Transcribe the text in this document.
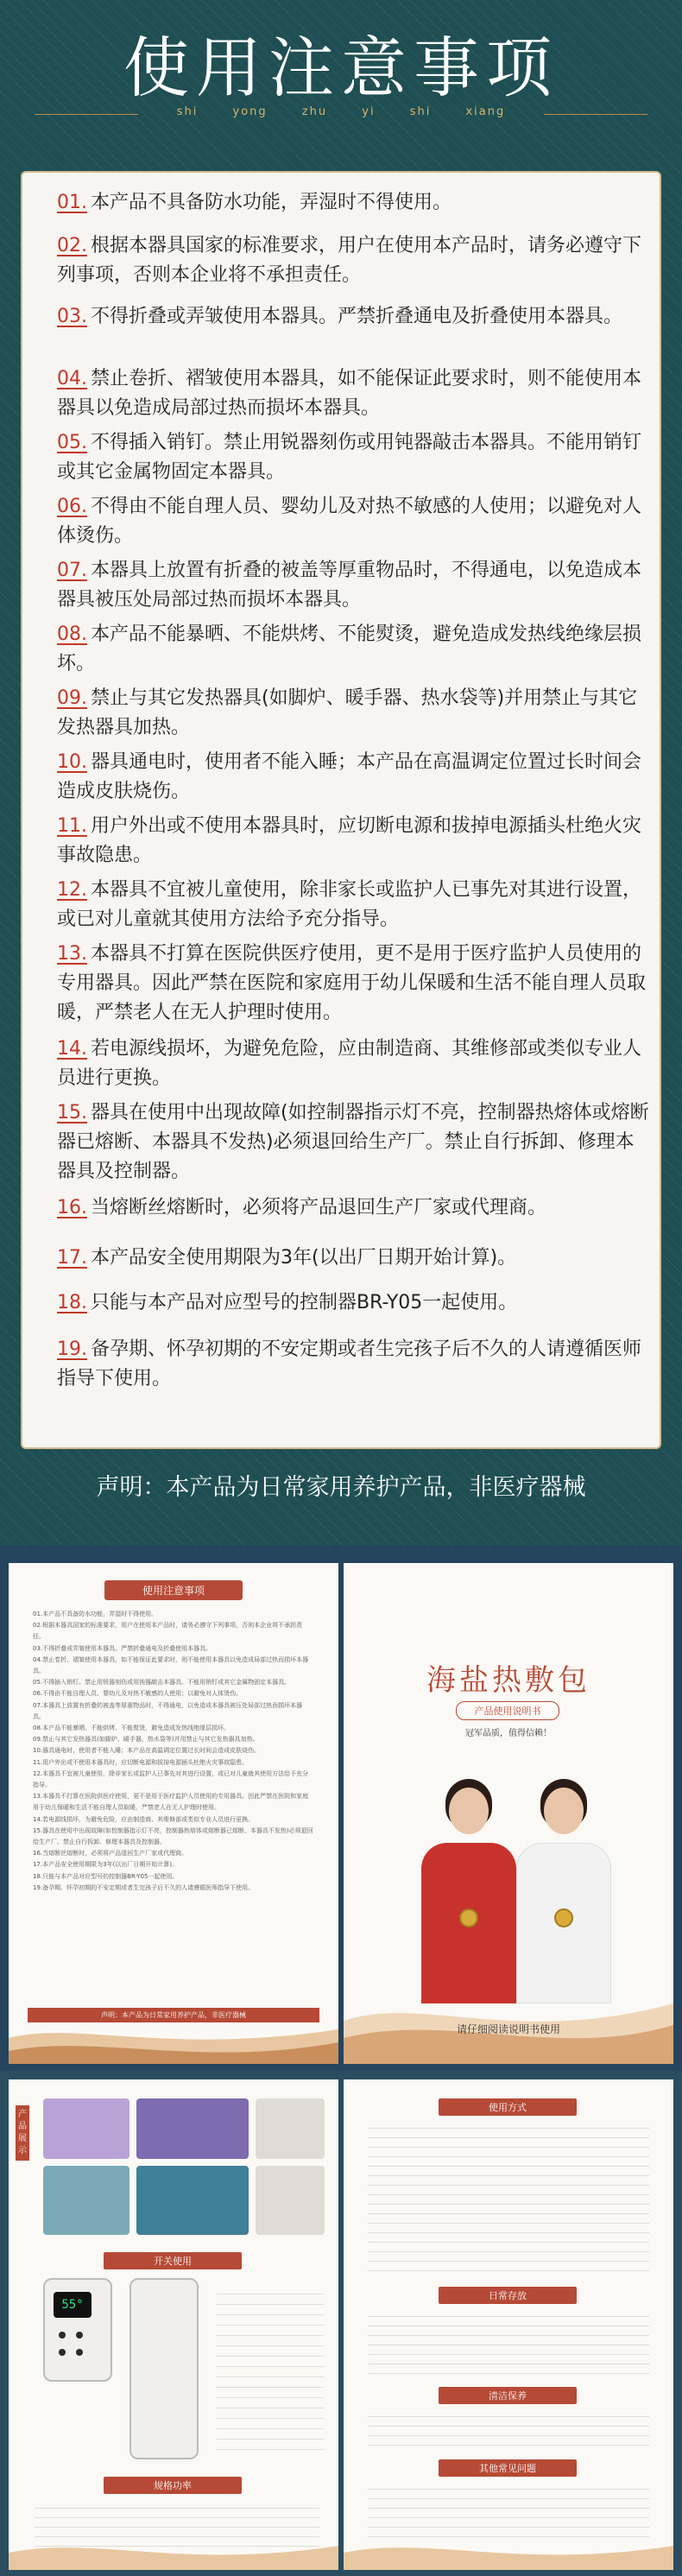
使用注意事项
shi	yong	zhu	yi	shi	xiang
01. 本产品不具备防水功能，弄湿时不得使用。
02. 根据本器具国家的标准要求，用户在使用本产品时，请务必遵守下列事项，否则本企业将不承担责任。
03. 不得折叠或弄皱使用本器具。严禁折叠通电及折叠使用本器具。
04. 禁止卷折、褶皱使用本器具，如不能保证此要求时，则不能使用本器具以免造成局部过热而损坏本器具。
05. 不得插入销钉。禁止用锐器刻伤或用钝器敲击本器具。不能用销钉或其它金属物固定本器具。
06. 不得由不能自理人员、婴幼儿及对热不敏感的人使用；以避免对人体烫伤。
07. 本器具上放置有折叠的被盖等厚重物品时，不得通电，以免造成本器具被压处局部过热而损坏本器具。
08. 本产品不能暴晒、不能烘烤、不能熨烫，避免造成发热线绝缘层损坏。
09. 禁止与其它发热器具(如脚炉、暖手器、热水袋等)并用禁止与其它发热器具加热。
10. 器具通电时，使用者不能入睡；本产品在高温调定位置过长时间会造成皮肤烧伤。
11. 用户外出或不使用本器具时，应切断电源和拔掉电源插头杜绝火灾事故隐患。
12. 本器具不宜被儿童使用，除非家长或监护人已事先对其进行设置，或已对儿童就其使用方法给予充分指导。
13. 本器具不打算在医院供医疗使用，更不是用于医疗监护人员使用的专用器具。因此严禁在医院和家庭用于幼儿保暖和生活不能自理人员取暖，严禁老人在无人护理时使用。
14. 若电源线损坏，为避免危险，应由制造商、其维修部或类似专业人员进行更换。
15. 器具在使用中出现故障(如控制器指示灯不亮，控制器热熔体或熔断器已熔断、本器具不发热)必须退回给生产厂。禁止自行拆卸、修理本器具及控制器。
16. 当熔断丝熔断时，必须将产品退回生产厂家或代理商。
17. 本产品安全使用期限为3年(以出厂日期开始计算)。
18. 只能与本产品对应型号的控制器BR-Y05一起使用。
19. 备孕期、怀孕初期的不安定期或者生完孩子后不久的人请遵循医师指导下使用。
声明：本产品为日常家用养护产品，非医疗器械
使用注意事项
01.本产品不具备防水功能，弄湿时不得使用。
02.根据本器具国家的标准要求，用户在使用本产品时，请务必遵守下列事项，否则本企业将不承担责任。
03.不得折叠或弄皱使用本器具。严禁折叠通电及折叠使用本器具。
04.禁止卷折、褶皱使用本器具，如不能保证此要求时，则不能使用本器具以免造成局部过热而损坏本器具。
05.不得插入销钉。禁止用锐器刻伤或用钝器敲击本器具。不能用销钉或其它金属物固定本器具。
06.不得由不能自理人员、婴幼儿及对热不敏感的人使用；以避免对人体烫伤。
07.本器具上放置有折叠的被盖等厚重物品时，不得通电，以免造成本器具被压处局部过热而损坏本器具。
08.本产品不能暴晒、不能烘烤、不能熨烫，避免造成发热线绝缘层损坏。
09.禁止与其它发热器具(如脚炉、暖手器、热水袋等)并用禁止与其它发热器具加热。
10.器具通电时，使用者不能入睡；本产品在高温调定位置过长时间会造成皮肤烧伤。
11.用户外出或不使用本器具时，应切断电源和拔掉电源插头杜绝火灾事故隐患。
12.本器具不宜被儿童使用，除非家长或监护人已事先对其进行设置，或已对儿童就其使用方法给予充分指导。
13.本器具不打算在医院供医疗使用，更不是用于医疗监护人员使用的专用器具。因此严禁在医院和家庭用于幼儿保暖和生活不能自理人员取暖，严禁老人在无人护理时使用。
14.若电源线损坏，为避免危险，应由制造商、其维修部或类似专业人员进行更换。
15.器具在使用中出现故障(如控制器指示灯不亮，控制器热熔体或熔断器已熔断、本器具不发热)必须退回给生产厂。禁止自行拆卸、修理本器具及控制器。
16.当熔断丝熔断时，必须将产品退回生产厂家或代理商。
17.本产品安全使用期限为3年(以出厂日期开始计算)。
18.只能与本产品对应型号的控制器BR-Y05一起使用。
19.备孕期、怀孕初期的不安定期或者生完孩子后不久的人请遵循医师指导下使用。
声明：本产品为日常家用养护产品，非医疗器械
海盐热敷包
产品使用说明书
冠军品质，值得信赖！
请仔细阅读说明书使用
产品展示
开关使用
55°
规格功率
使用方式
日常存放
清洁保养
其他常见问题
